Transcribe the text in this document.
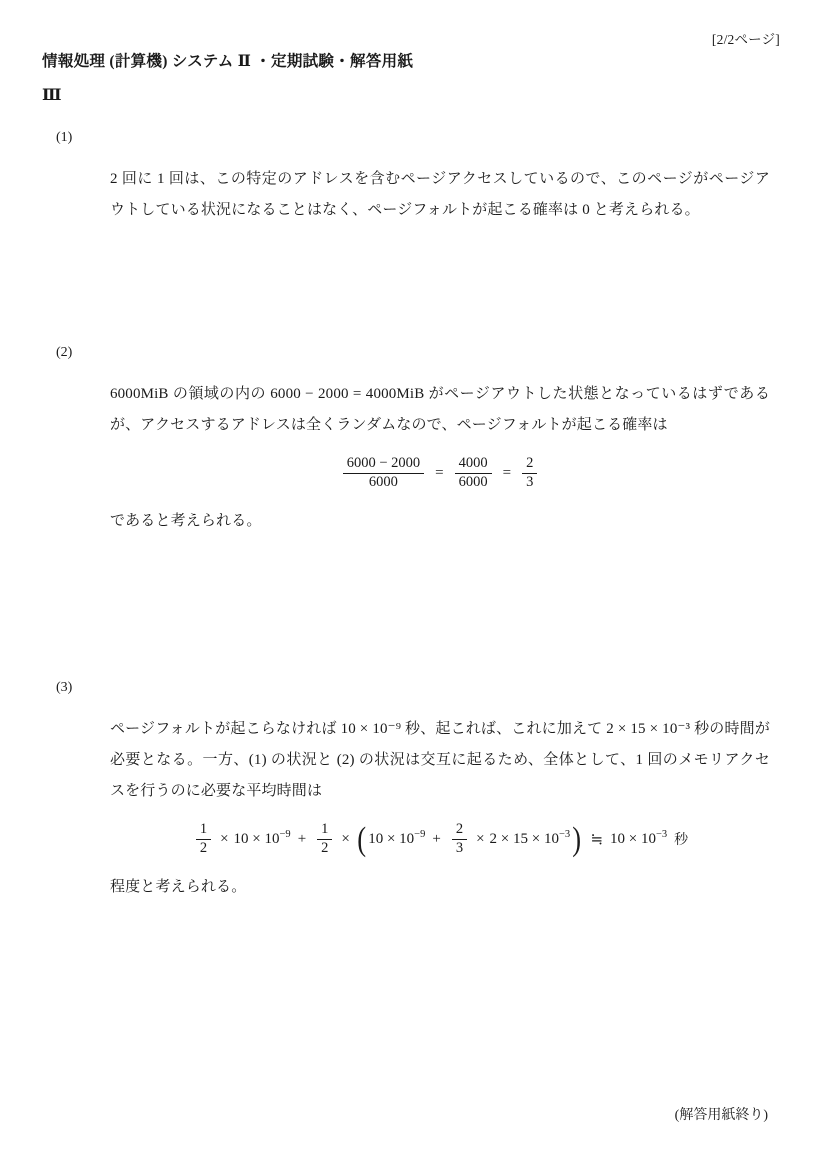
[2/2ページ]
情報処理 (計算機) システム Ⅱ ・定期試験・解答用紙
Ⅲ
(1)
2 回に 1 回は、この特定のアドレスを含むページアクセスしているので、このページがページアウトしている状況になることはなく、ページフォルトが起こる確率は 0 と考えられる。
(2)
6000MiB の領域の内の 6000 − 2000 = 4000MiB がページアウトした状態となっているはずであるが、アクセスするアドレスは全くランダムなので、ページフォルトが起こる確率は
$\frac{6000 - 2000}{6000} = \frac{4000}{6000} = \frac{2}{3}$
であると考えられる。
(3)
ページフォルトが起こらなければ 10 × 10⁻⁹ 秒、起これば、これに加えて 2 × 15 × 10⁻³ 秒の時間が必要となる。一方、(1) の状況と (2) の状況は交互に起るため、全体として、1 回のメモリアクセスを行うのに必要な平均時間は
$\frac{1}{2} \times 10 \times 10^{-9} + \frac{1}{2}$ × ( $10 \times 10^{-9} + \frac{2}{3} \times 2 \times 15 \times 10^{-3}$ ) ≒ $10 \times 10^{-3}$ 秒
程度と考えられる。
(解答用紙終り)
